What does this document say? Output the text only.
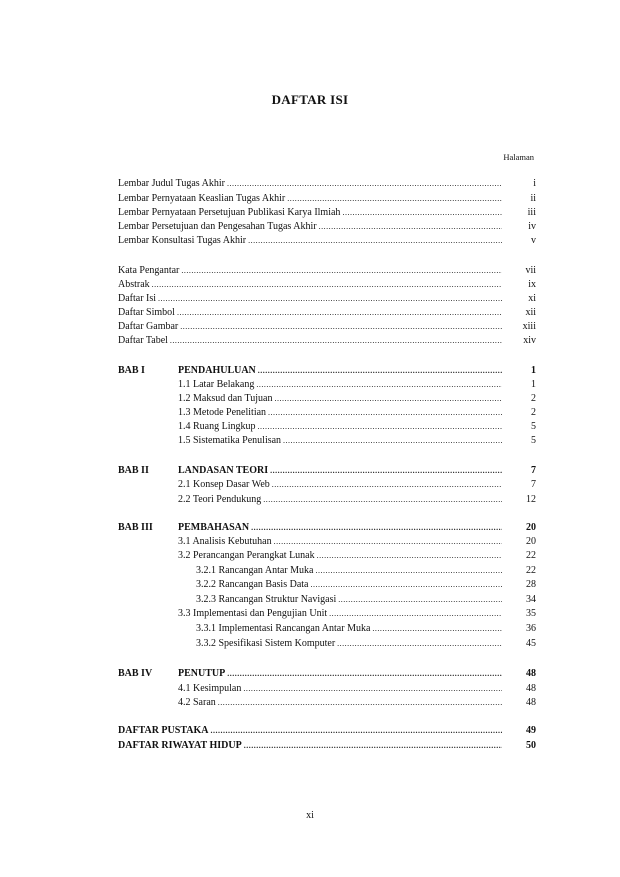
DAFTAR ISI
Halaman
Lembar Judul Tugas Akhir .....	i
Lembar Pernyataan Keaslian Tugas Akhir .....	ii
Lembar Pernyataan Persetujuan Publikasi Karya Ilmiah .....	iii
Lembar Persetujuan dan Pengesahan Tugas Akhir .....	iv
Lembar Konsultasi Tugas Akhir .....	v
Kata Pengantar .....	vii
Abstrak .....	ix
Daftar Isi .....	xi
Daftar Simbol .....	xii
Daftar Gambar .....	xiii
Daftar Tabel .....	xiv
BAB I	PENDAHULUAN .....	1
1.1 Latar Belakang .....	1
1.2 Maksud dan Tujuan .....	2
1.3 Metode Penelitian .....	2
1.4 Ruang Lingkup .....	5
1.5 Sistematika Penulisan .....	5
BAB II	LANDASAN TEORI .....	7
2.1 Konsep Dasar Web .....	7
2.2 Teori Pendukung .....	12
BAB III	PEMBAHASAN .....	20
3.1 Analisis Kebutuhan .....	20
3.2 Perancangan Perangkat Lunak .....	22
3.2.1 Rancangan Antar Muka .....	22
3.2.2 Rancangan Basis Data .....	28
3.2.3 Rancangan Struktur Navigasi .....	34
3.3 Implementasi dan Pengujian Unit .....	35
3.3.1 Implementasi Rancangan Antar Muka .....	36
3.3.2 Spesifikasi Sistem Komputer .....	45
BAB IV	PENUTUP .....	48
4.1 Kesimpulan .....	48
4.2 Saran .....	48
DAFTAR PUSTAKA .....	49
DAFTAR RIWAYAT HIDUP .....	50
xi
